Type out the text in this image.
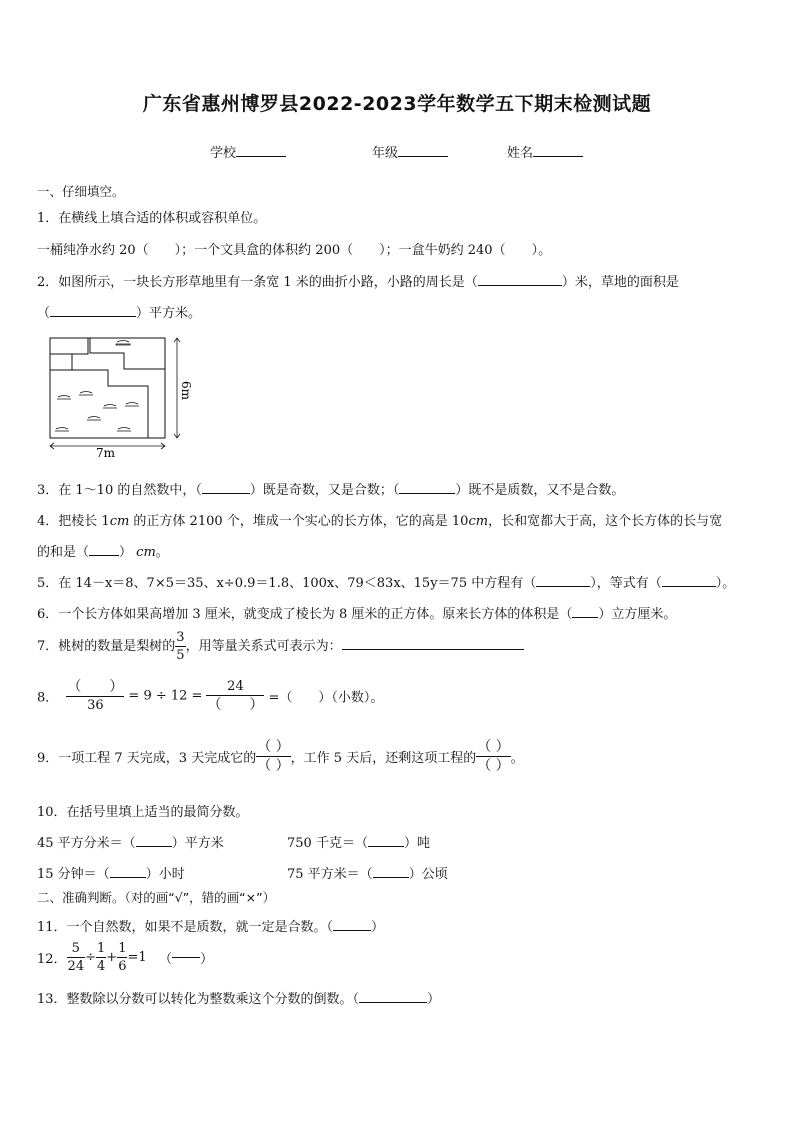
广东省惠州博罗县2022-2023学年数学五下期末检测试题
学校	年级	姓名
一、仔细填空。
1．在横线上填合适的体积或容积单位。
一桶纯净水约 20（　　）；一个文具盒的体积约 200（　　）；一盒牛奶约 240（　　）。
2．如图所示，一块长方形草地里有一条宽 1 米的曲折小路，小路的周长是（	）米，草地的面积是
（	）平方米。
7m
6m
3．在 1～10 的自然数中，（	）既是奇数，又是合数；（	）既不是质数，又不是合数。
4．把棱长 1cm 的正方体 2100 个，堆成一个实心的长方体，它的高是 10cm，长和宽都大于高，这个长方体的长与宽
的和是（ ） cm。
5．在 14－x＝8、7×5＝35、x÷0.9＝1.8、100x、79＜83x、15y＝75 中方程有（	），等式有（	）。
6．一个长方体如果高增加 3 厘米，就变成了棱长为 8 厘米的正方体。原来长方体的体积是（ ）立方厘米。
7．桃树的数量是梨树的 $\frac{3}{5}$ ，用等量关系式可表示为：
8． $\frac{( )}{36} = 9 \div 12 = \frac{24}{( )}$ =（　　）（小数）。
9．一项工程 7 天完成，3 天完成它的 $\frac{( )}{( )}$ ，工作 5 天后，还剩这项工程的 $\frac{( )}{( )}$ 。
10．在括号里填上适当的最简分数。
45 平方分米＝（	）平方米	750 千克＝（	）吨
15 分钟＝（	）小时	75 平方米＝（	）公顷
二、准确判断。（对的画“√”，错的画“×”）
11．一个自然数，如果不是质数，就一定是合数。（	）
12． $\frac{5}{24} \div \frac{1}{4} + \frac{1}{6} =1$ （ ）
13．整数除以分数可以转化为整数乘这个分数的倒数。（	）
